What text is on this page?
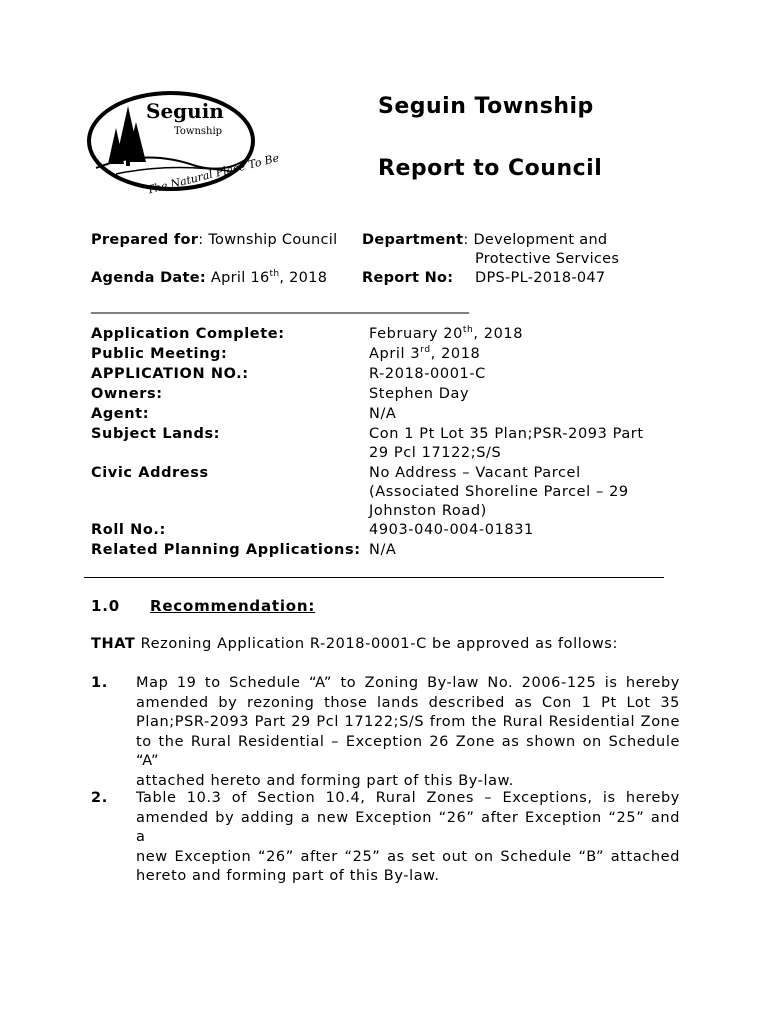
Seguin
Township
The Natural Place To Be
Seguin Township
Report to Council
Prepared for: Township Council Department: Development and
Protective Services
Agenda Date: April 16th, 2018 Report No: DPS-PL-2018-047
______________________________________________________
Application Complete:	February 20th, 2018
Public Meeting:	April 3rd, 2018
APPLICATION NO.:	R-2018-0001-C
Owners:	Stephen Day
Agent:	N/A
Subject Lands:	Con 1 Pt Lot 35 Plan;PSR-2093 Part
29 Pcl 17122;S/S
Civic Address	No Address – Vacant Parcel
(Associated Shoreline Parcel – 29
Johnston Road)
Roll No.:	4903-040-004-01831
Related Planning Applications: N/A
1.0 Recommendation:
THAT Rezoning Application R-2018-0001-C be approved as follows:
1. Map 19 to Schedule “A” to Zoning By-law No. 2006-125 is hereby
amended by rezoning those lands described as Con 1 Pt Lot 35
Plan;PSR-2093 Part 29 Pcl 17122;S/S from the Rural Residential Zone
to the Rural Residential – Exception 26 Zone as shown on Schedule “A”
attached hereto and forming part of this By-law.
2. Table 10.3 of Section 10.4, Rural Zones – Exceptions, is hereby
amended by adding a new Exception “26” after Exception “25” and a
new Exception “26” after “25” as set out on Schedule “B” attached
hereto and forming part of this By-law.
